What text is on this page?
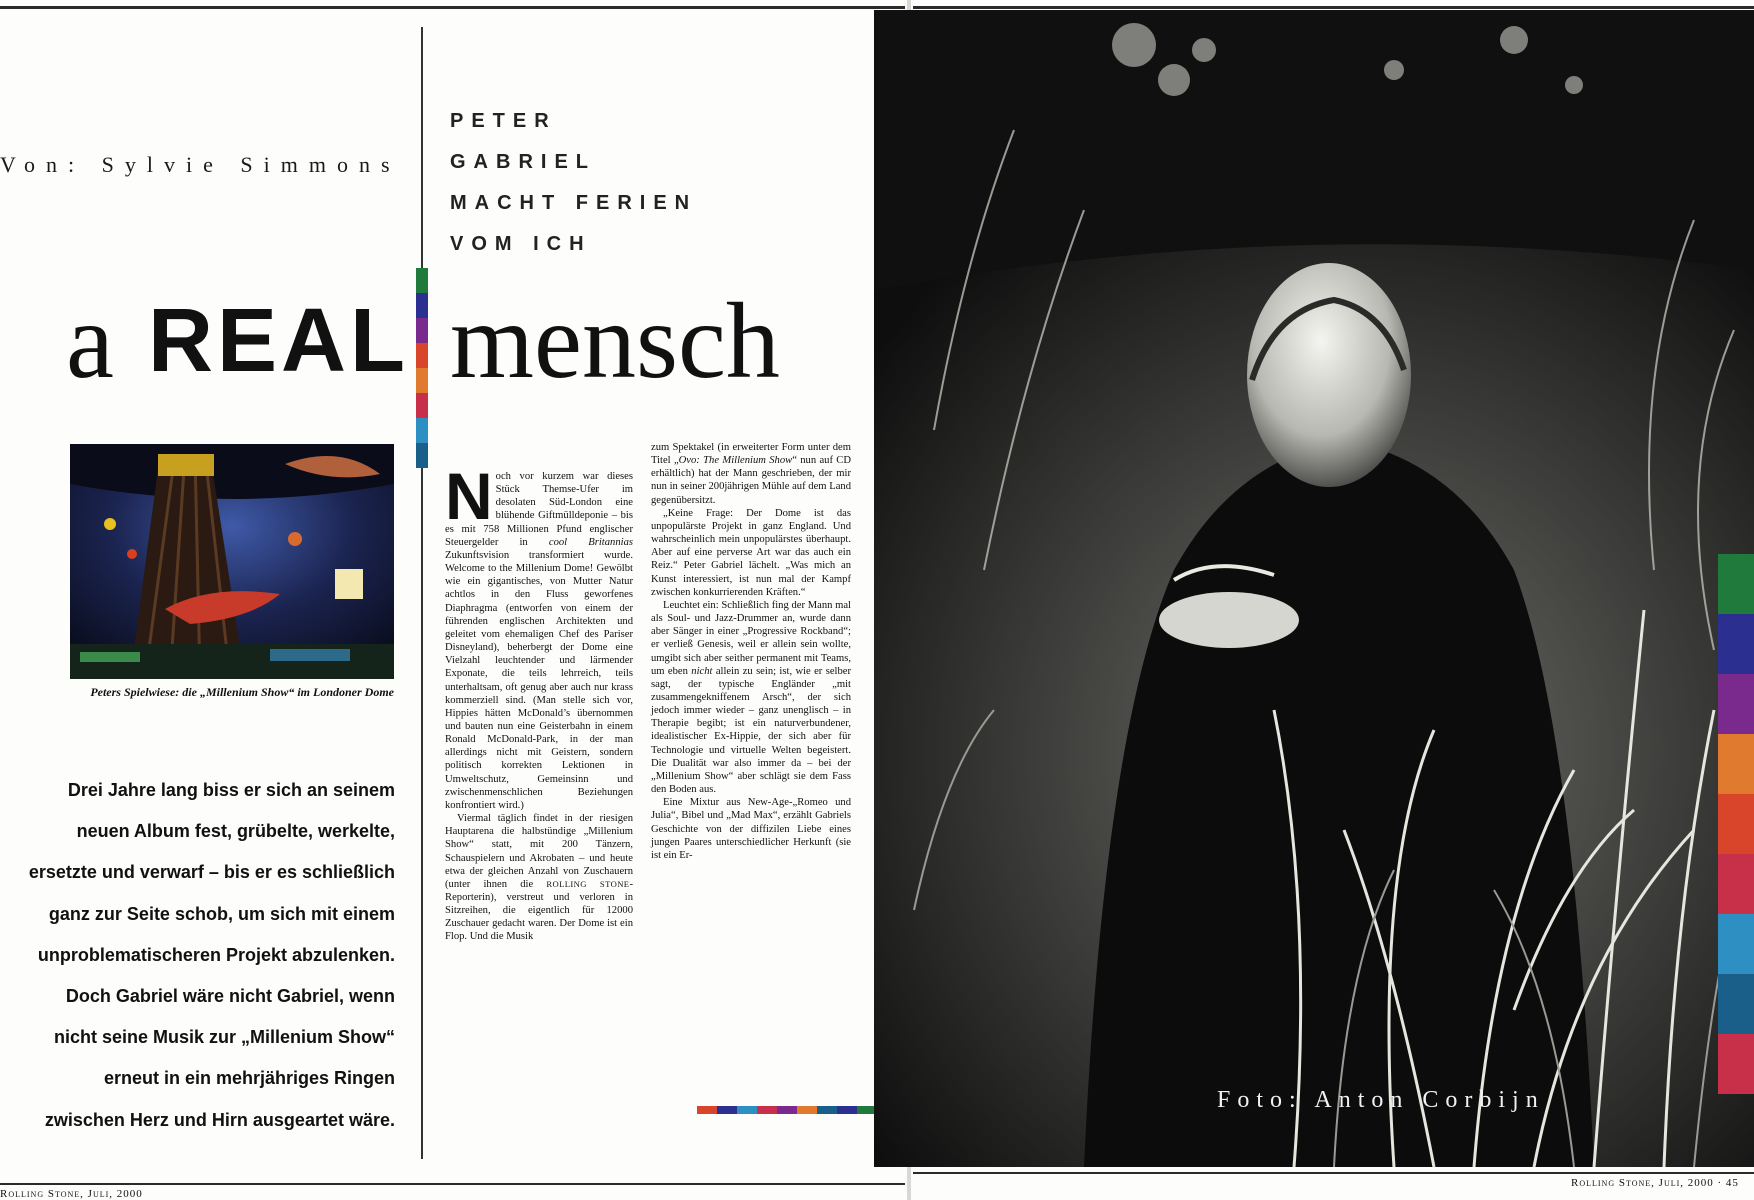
Von: Sylvie Simmons
PETER
GABRIEL
MACHT FERIEN
VOM ICH
a REAL mensch
Peters Spielwiese: die „Millenium Show“ im Londoner Dome
Drei Jahre lang biss er sich an seinem
neuen Album fest, grübelte, werkelte,
ersetzte und verwarf – bis er es schließlich
ganz zur Seite schob, um sich mit einem
unproblematischeren Projekt abzulenken.
Doch Gabriel wäre nicht Gabriel, wenn
nicht seine Musik zur „Millenium Show“
erneut in ein mehrjähriges Ringen
zwischen Herz und Hirn ausgeartet wäre.

Noch vor kurzem war dieses Stück Themse-Ufer im desolaten Süd-London eine blühende Giftmülldeponie – bis es mit 758 Millionen Pfund englischer Steuergelder in cool Britannias Zukunftsvision transformiert wurde. Welcome to the Millenium Dome! Gewölbt wie ein gigantisches, von Mutter Natur achtlos in den Fluss geworfenes Diaphragma (entworfen von einem der führenden englischen Architekten und geleitet vom ehemaligen Chef des Pariser Disneyland), beherbergt der Dome eine Vielzahl leuchtender und lärmender Exponate, die teils lehrreich, teils unterhaltsam, oft genug aber auch nur krass kommerziell sind. (Man stelle sich vor, Hippies hätten McDonald’s übernommen und bauten nun eine Geisterbahn in einem Ronald McDonald-Park, in der man allerdings nicht mit Geistern, sondern politisch korrekten Lektionen in Umweltschutz, Gemeinsinn und zwischenmenschlichen Beziehungen konfrontiert wird.)

Viermal täglich findet in der riesigen Hauptarena die halbstündige „Millenium Show“ statt, mit 200 Tänzern, Schauspielern und Akrobaten – und heute etwa der gleichen Anzahl von Zuschauern (unter ihnen die ROLLING STONE-Reporterin), verstreut und verloren in Sitzreihen, die eigentlich für 12000 Zuschauer gedacht waren. Der Dome ist ein Flop. Und die Musik

zum Spektakel (in erweiterter Form unter dem Titel „Ovo: The Millenium Show“ nun auf CD erhältlich) hat der Mann geschrieben, der mir nun in seiner 200jährigen Mühle auf dem Land gegenübersitzt.

„Keine Frage: Der Dome ist das unpopulärste Projekt in ganz England. Und wahrscheinlich mein unpopulärstes überhaupt. Aber auf eine perverse Art war das auch ein Reiz.“ Peter Gabriel lächelt. „Was mich an Kunst interessiert, ist nun mal der Kampf zwischen konkurrierenden Kräften.“

Leuchtet ein: Schließlich fing der Mann mal als Soul- und Jazz-Drummer an, wurde dann aber Sänger in einer „Progressive Rockband“; er verließ Genesis, weil er allein sein wollte, umgibt sich aber seither permanent mit Teams, um eben nicht allein zu sein; ist, wie er selber sagt, der typische Engländer „mit zusammengekniffenem Arsch“, der sich jedoch immer wieder – ganz unenglisch – in Therapie begibt; ist ein naturverbundener, idealistischer Ex-Hippie, der sich aber für Technologie und virtuelle Welten begeistert. Die Dualität war also immer da – bei der „Millenium Show“ aber schlägt sie dem Fass den Boden aus.

Eine Mixtur aus New-Age-„Romeo und Julia“, Bibel und „Mad Max“, erzählt Gabriels Geschichte von der diffizilen Liebe eines jungen Paares unterschiedlicher Herkunft (sie ist ein Er-

Foto: Anton Corbijn
Rolling Stone, Juli, 2000
Rolling Stone, Juli, 2000 · 45
